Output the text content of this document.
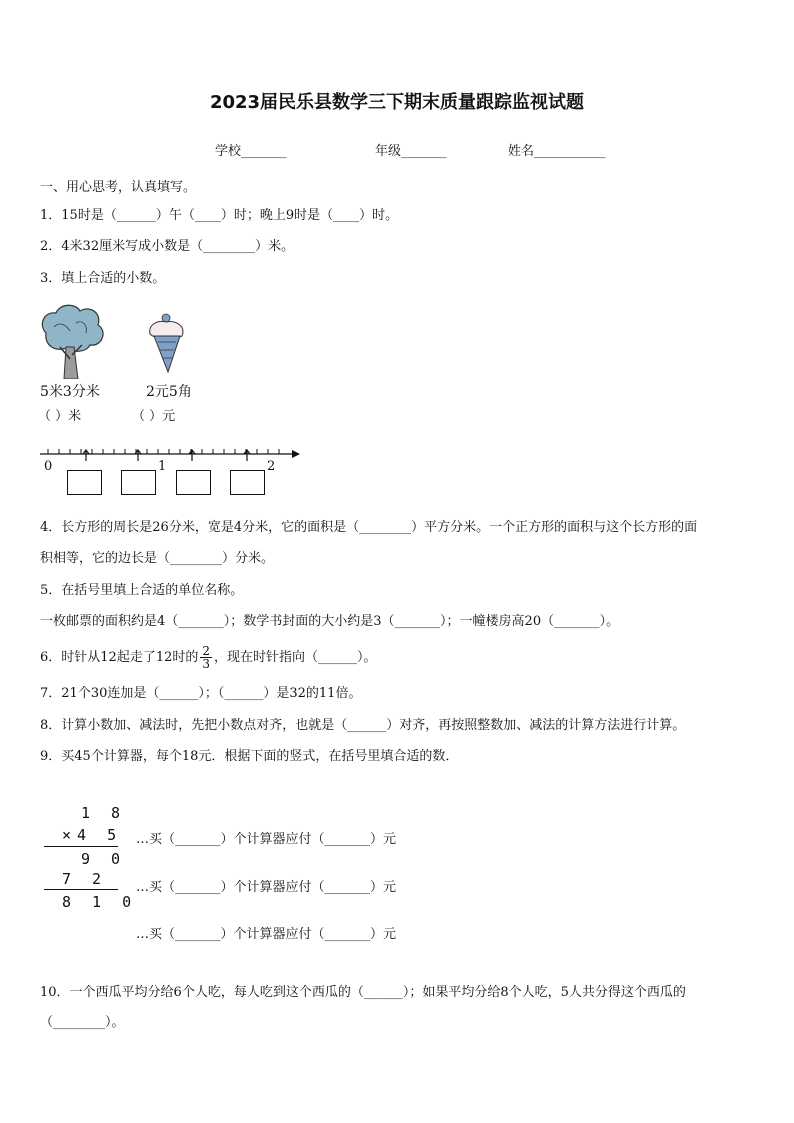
2023届民乐县数学三下期末质量跟踪监视试题
学校_______	年级_______	姓名___________
一、用心思考，认真填写。
1．15时是（______）午（____）时；晚上9时是（____）时。
2．4米32厘米写成小数是（________）米。
3．填上合适的小数。
5米3分米	2元5角
（ ）米	（ ）元
0	1	2
4．长方形的周长是26分米，宽是4分米，它的面积是（________）平方分米。一个正方形的面积与这个长方形的面
积相等，它的边长是（________）分米。
5．在括号里填上合适的单位名称。
一枚邮票的面积约是4（_______）；数学书封面的大小约是3（_______）；一幢楼房高20（_______）。
6．时针从12起走了12时的 $\frac{2}{3}$ ，现在时针指向（______）。
7．21个30连加是（______）；（______）是32的11倍。
8．计算小数加、减法时，先把小数点对齐，也就是（______）对齐，再按照整数加、减法的计算方法进行计算。
9．买45个计算器，每个18元．根据下面的竖式，在括号里填合适的数．
1 8
×4 5
9 0
7 2
8 1 0
…买（_______）个计算器应付（_______）元
…买（_______）个计算器应付（_______）元
…买（_______）个计算器应付（_______）元
10．一个西瓜平均分给6个人吃，每人吃到这个西瓜的（______）；如果平均分给8个人吃，5人共分得这个西瓜的
（________）。
